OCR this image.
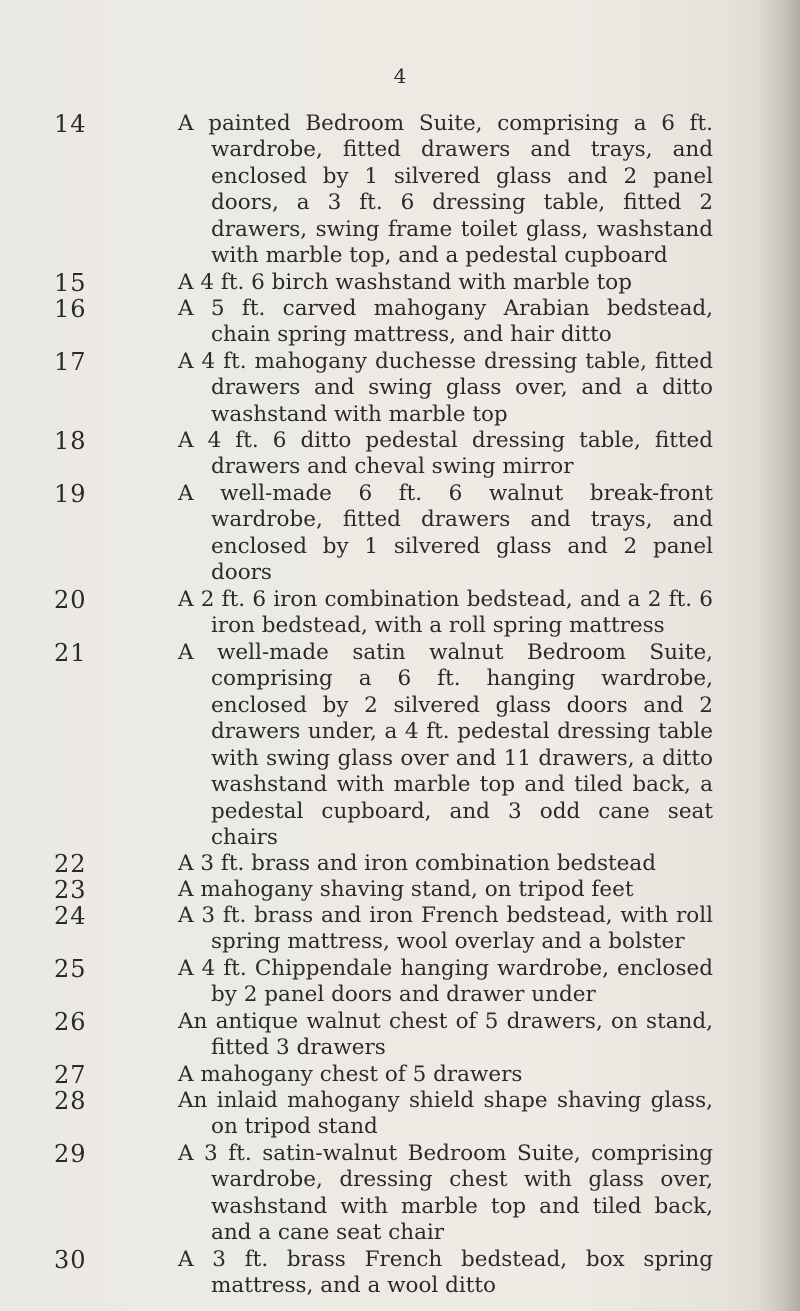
4
14	A painted Bedroom Suite, comprising a 6 ft. wardrobe, fitted drawers and trays, and enclosed by 1 silvered glass and 2 panel doors, a 3 ft. 6 dressing table, fitted 2 drawers, swing frame toilet glass, washstand with marble top, and a pedestal cupboard
15	A 4 ft. 6 birch washstand with marble top
16	A 5 ft. carved mahogany Arabian bedstead, chain spring mattress, and hair ditto
17	A 4 ft. mahogany duchesse dressing table, fitted drawers and swing glass over, and a ditto washstand with marble top
18	A 4 ft. 6 ditto pedestal dressing table, fitted drawers and cheval swing mirror
19	A well-made 6 ft. 6 walnut break-front wardrobe, fitted drawers and trays, and enclosed by 1 silvered glass and 2 panel doors
20	A 2 ft. 6 iron combination bedstead, and a 2 ft. 6 iron bedstead, with a roll spring mattress
21	A well-made satin walnut Bedroom Suite, comprising a 6 ft. hanging wardrobe, enclosed by 2 silvered glass doors and 2 drawers under, a 4 ft. pedestal dressing table with swing glass over and 11 drawers, a ditto washstand with marble top and tiled back, a pedestal cupboard, and 3 odd cane seat chairs
22	A 3 ft. brass and iron combination bedstead
23	A mahogany shaving stand, on tripod feet
24	A 3 ft. brass and iron French bedstead, with roll spring mattress, wool overlay and a bolster
25	A 4 ft. Chippendale hanging wardrobe, enclosed by 2 panel doors and drawer under
26	An antique walnut chest of 5 drawers, on stand, fitted 3 drawers
27	A mahogany chest of 5 drawers
28	An inlaid mahogany shield shape shaving glass, on tripod stand
29	A 3 ft. satin-walnut Bedroom Suite, comprising wardrobe, dressing chest with glass over, washstand with marble top and tiled back, and a cane seat chair
30	A 3 ft. brass French bedstead, box spring mattress, and a wool ditto
